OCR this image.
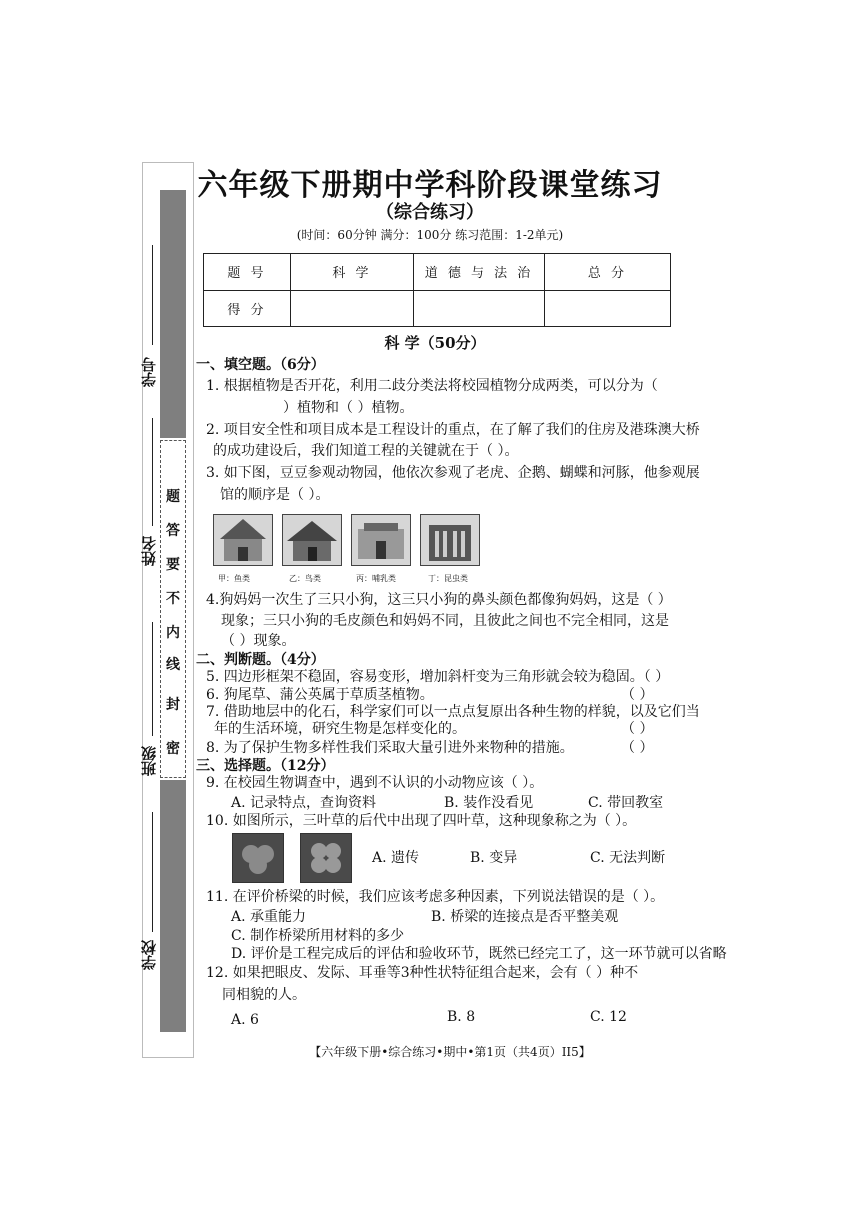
密
封
线
内
不
要
答
题
学号
姓名
班级
学校
六年级下册期中学科阶段课堂练习
（综合练习）
(时间：60分钟 满分：100分 练习范围：1-2单元)
题 号	科 学	道 德 与 法 治	总 分
得 分			
科 学（50分）
一、填空题。（6分）
1. 根据植物是否开花，利用二歧分类法将校园植物分成两类，可以分为（
）植物和（ ）植物。
2. 项目安全性和项目成本是工程设计的重点，在了解了我们的住房及港珠澳大桥
的成功建设后，我们知道工程的关键就在于（ ）。
3. 如下图，豆豆参观动物园，他依次参观了老虎、企鹅、蝴蝶和河豚，他参观展
馆的顺序是（ ）。
甲：鱼类	乙：鸟类	丙：哺乳类	丁：昆虫类
4.狗妈妈一次生了三只小狗，这三只小狗的鼻头颜色都像狗妈妈，这是（ ）
现象；三只小狗的毛皮颜色和妈妈不同，且彼此之间也不完全相同，这是
（ ）现象。
二、判断题。（4分）
5. 四边形框架不稳固，容易变形，增加斜杆变为三角形就会较为稳固。（ ）
6. 狗尾草、蒲公英属于草质茎植物。	（ ）
7. 借助地层中的化石，科学家们可以一点点复原出各种生物的样貌，以及它们当
年的生活环境，研究生物是怎样变化的。	（ ）
8. 为了保护生物多样性我们采取大量引进外来物种的措施。	（ ）
三、选择题。（12分）
9. 在校园生物调查中，遇到不认识的小动物应该（ ）。
A. 记录特点，查询资料	B. 装作没看见	C. 带回教室
10. 如图所示，三叶草的后代中出现了四叶草，这种现象称之为（ ）。
A. 遗传	B. 变异	C. 无法判断
11. 在评价桥梁的时候，我们应该考虑多种因素，下列说法错误的是（ ）。
A. 承重能力	B. 桥梁的连接点是否平整美观
C. 制作桥梁所用材料的多少
D. 评价是工程完成后的评估和验收环节，既然已经完工了，这一环节就可以省略
12. 如果把眼皮、发际、耳垂等3种性状特征组合起来，会有（ ）种不
同相貌的人。
A. 6	B. 8	C. 12
【六年级下册•综合练习•期中•第1页（共4页）II5】
